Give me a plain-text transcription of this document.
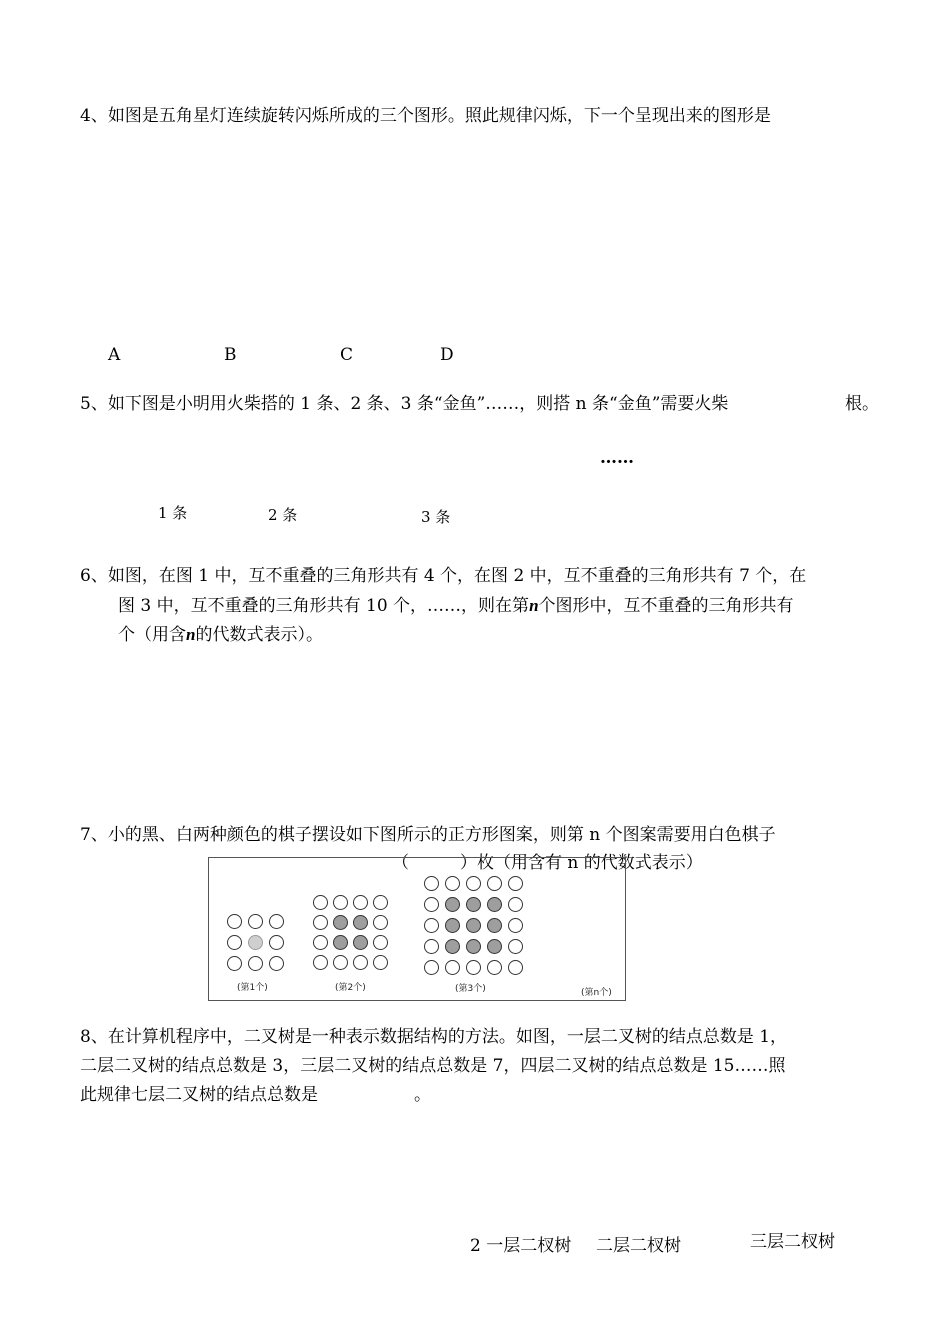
4、如图是五角星灯连续旋转闪烁所成的三个图形。照此规律闪烁，下一个呈现出来的图形是
A	B	C	D
5、如下图是小明用火柴搭的 1 条、2 条、3 条“金鱼”……，则搭 n 条“金鱼”需要火柴	根。
……
1 条	2 条	3 条
6、如图，在图 1 中，互不重叠的三角形共有 4 个，在图 2 中，互不重叠的三角形共有 7 个，在
图 3 中，互不重叠的三角形共有 10 个，……，则在第n个图形中，互不重叠的三角形共有
个（用含n的代数式表示）。
7、小的黑、白两种颜色的棋子摆设如下图所示的正方形图案，则第 n 个图案需要用白色棋子
（　　　）枚（用含有 n 的代数式表示）
(第1个)	(第2个)	(第3个)	(第n个)
8、在计算机程序中，二叉树是一种表示数据结构的方法。如图，一层二叉树的结点总数是 1，
二层二叉树的结点总数是 3，三层二叉树的结点总数是 7，四层二叉树的结点总数是 15……照
此规律七层二叉树的结点总数是	。
2 一层二杈树 二层二杈树	三层二杈树
